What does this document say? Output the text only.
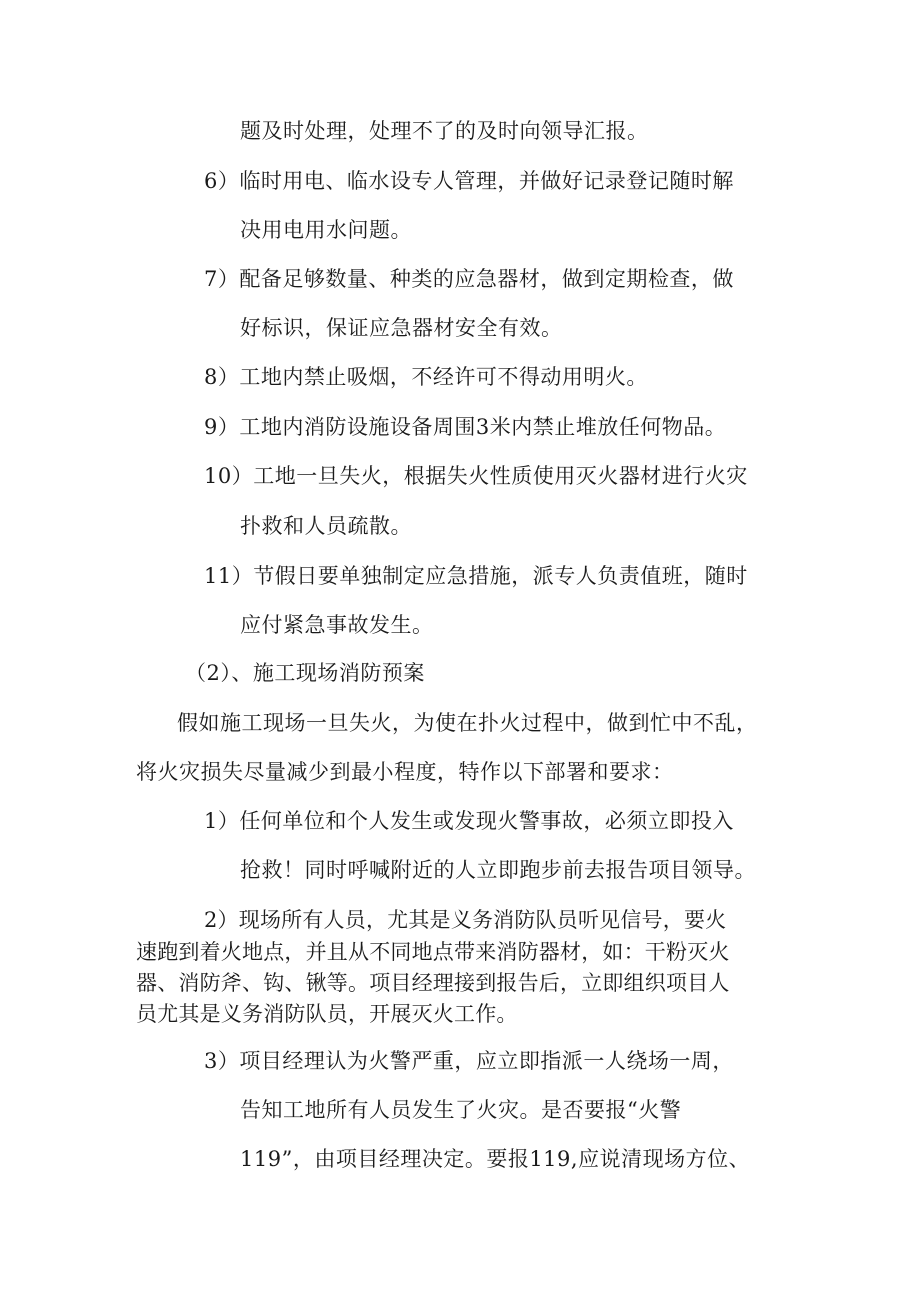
题及时处理，处理不了的及时向领导汇报。
6）临时用电、临水设专人管理，并做好记录登记随时解
决用电用水问题。
7）配备足够数量、种类的应急器材，做到定期检查，做
好标识，保证应急器材安全有效。
8）工地内禁止吸烟，不经许可不得动用明火。
9）工地内消防设施设备周围3米内禁止堆放任何物品。
10）工地一旦失火，根据失火性质使用灭火器材进行火灾
扑救和人员疏散。
11）节假日要单独制定应急措施，派专人负责值班，随时
应付紧急事故发生。
（2）、施工现场消防预案
假如施工现场一旦失火，为使在扑火过程中，做到忙中不乱，
将火灾损失尽量减少到最小程度，特作以下部署和要求：
1）任何单位和个人发生或发现火警事故，必须立即投入
抢救！同时呼喊附近的人立即跑步前去报告项目领导。
2）现场所有人员，尤其是义务消防队员听见信号，要火
速跑到着火地点，并且从不同地点带来消防器材，如：干粉灭火
器、消防斧、钩、锹等。项目经理接到报告后，立即组织项目人
员尤其是义务消防队员，开展灭火工作。
3）项目经理认为火警严重，应立即指派一人绕场一周，
告知工地所有人员发生了火灾。是否要报“火警
119”，由项目经理决定。要报119,应说清现场方位、
